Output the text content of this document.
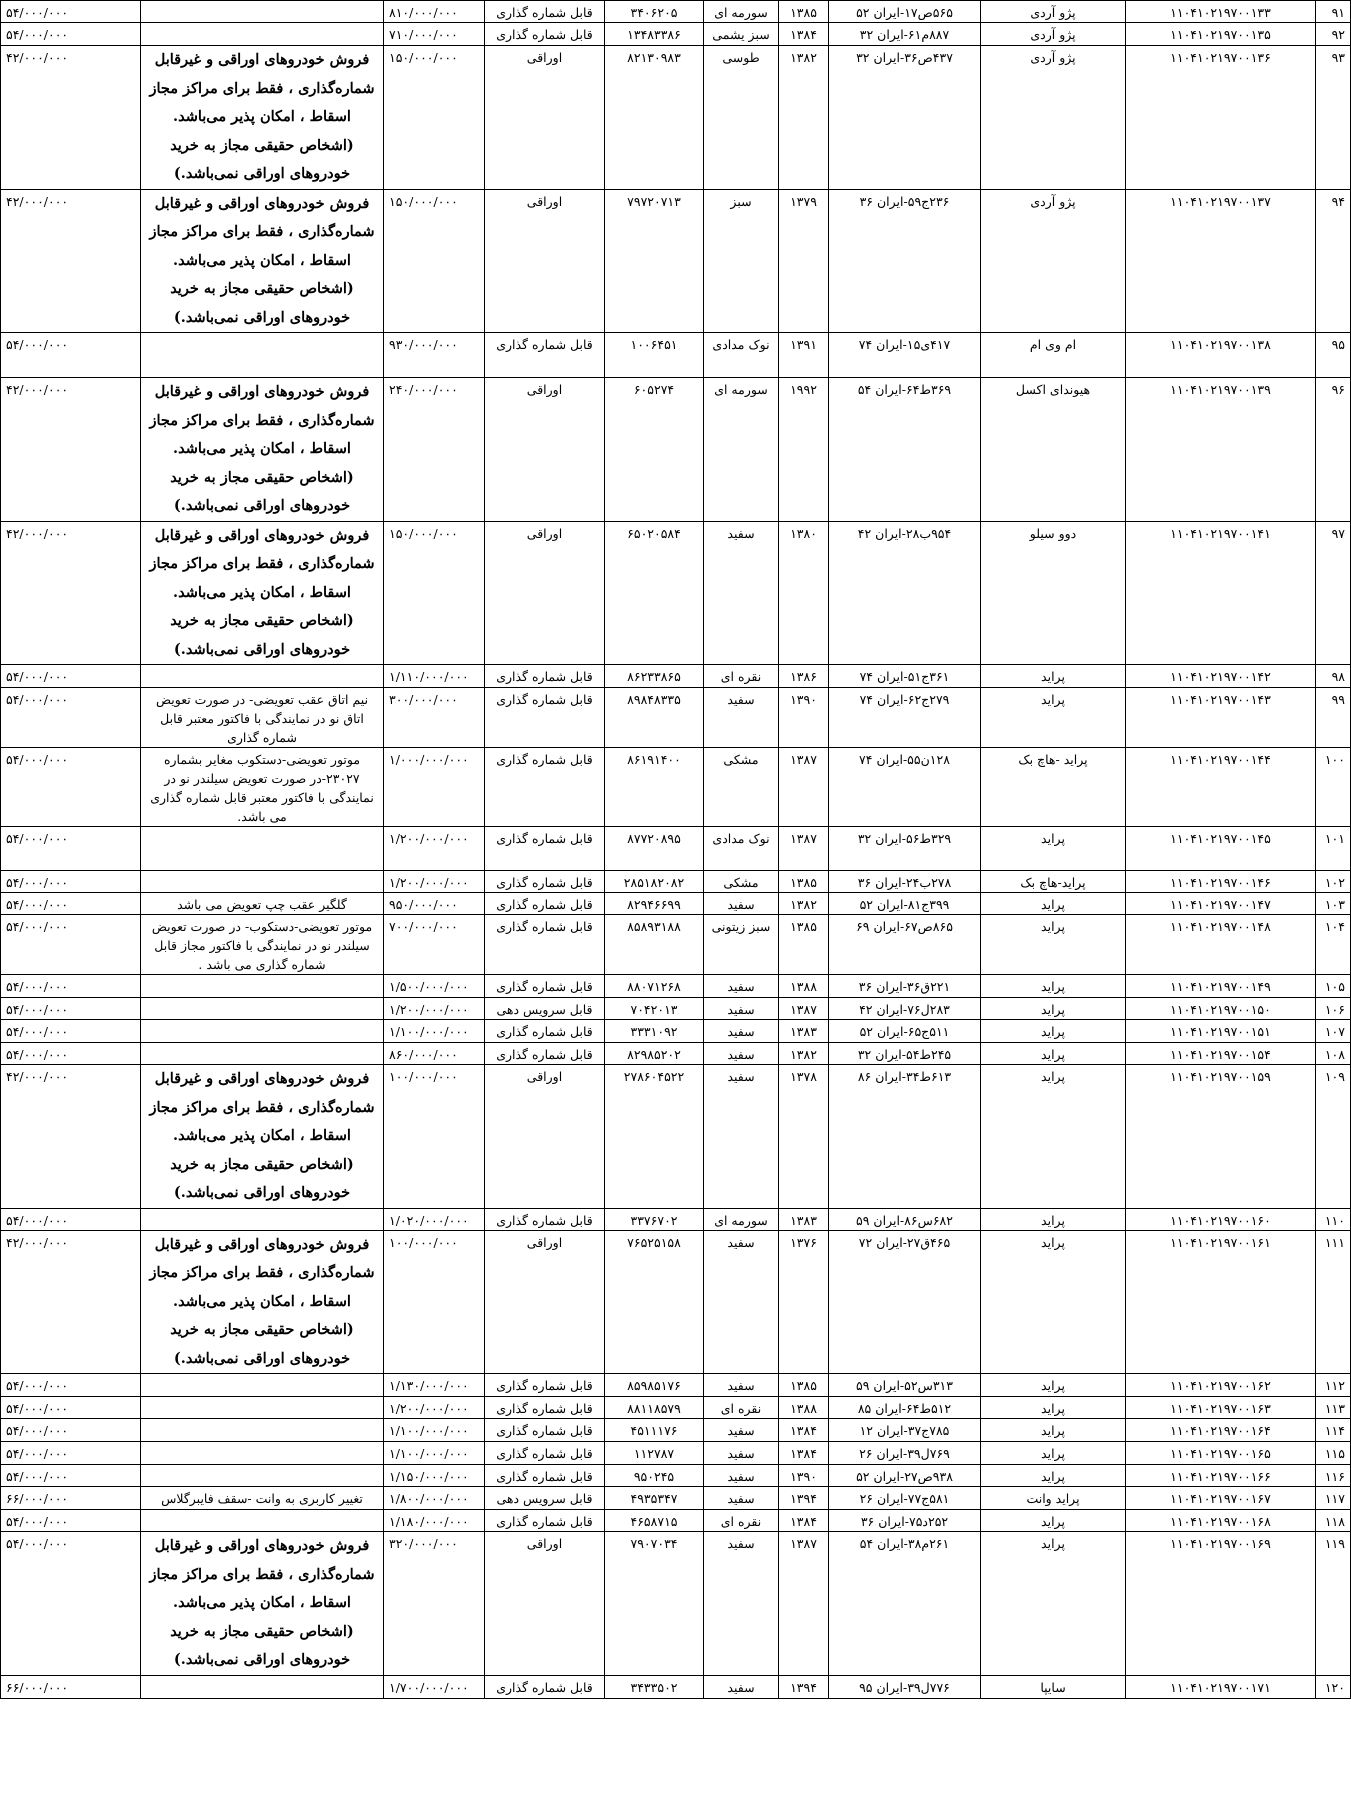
۹۱	۱۱۰۴۱۰۲۱۹۷۰۰۱۳۳	پژو آردی	۵۶۵ص۱۷-ایران ۵۲	۱۳۸۵	سورمه ای	۳۴۰۶۲۰۵	قابل شماره گذاری	۸۱۰/۰۰۰/۰۰۰		۵۴/۰۰۰/۰۰۰
۹۲	۱۱۰۴۱۰۲۱۹۷۰۰۱۳۵	پژو آردی	۸۸۷م۶۱-ایران ۳۲	۱۳۸۴	سبز یشمی	۱۳۴۸۳۳۸۶	قابل شماره گذاری	۷۱۰/۰۰۰/۰۰۰		۵۴/۰۰۰/۰۰۰
۹۳	۱۱۰۴۱۰۲۱۹۷۰۰۱۳۶	پژو آردی	۴۳۷ص۳۶-ایران ۳۲	۱۳۸۲	طوسی	۸۲۱۳۰۹۸۳	اوراقی	۱۵۰/۰۰۰/۰۰۰	فروش خودروهای اوراقی و غیرقابل شماره‌گذاری ، فقط برای مراکز مجاز اسقاط ، امکان پذیر می‌باشد. (اشخاص حقیقی مجاز به خرید خودروهای اوراقی نمی‌باشد.)	۴۲/۰۰۰/۰۰۰
۹۴	۱۱۰۴۱۰۲۱۹۷۰۰۱۳۷	پژو آردی	۲۳۶ج۵۹-ایران ۳۶	۱۳۷۹	سبز	۷۹۷۲۰۷۱۳	اوراقی	۱۵۰/۰۰۰/۰۰۰	فروش خودروهای اوراقی و غیرقابل شماره‌گذاری ، فقط برای مراکز مجاز اسقاط ، امکان پذیر می‌باشد. (اشخاص حقیقی مجاز به خرید خودروهای اوراقی نمی‌باشد.)	۴۲/۰۰۰/۰۰۰
۹۵	۱۱۰۴۱۰۲۱۹۷۰۰۱۳۸	ام وی ام	۴۱۷ی۱۵-ایران ۷۴	۱۳۹۱	نوک مدادی	۱۰۰۶۴۵۱	قابل شماره گذاری	۹۳۰/۰۰۰/۰۰۰		۵۴/۰۰۰/۰۰۰
۹۶	۱۱۰۴۱۰۲۱۹۷۰۰۱۳۹	هیوندای اکسل	۳۶۹ط۶۴-ایران ۵۴	۱۹۹۲	سورمه ای	۶۰۵۲۷۴	اوراقی	۲۴۰/۰۰۰/۰۰۰	فروش خودروهای اوراقی و غیرقابل شماره‌گذاری ، فقط برای مراکز مجاز اسقاط ، امکان پذیر می‌باشد. (اشخاص حقیقی مجاز به خرید خودروهای اوراقی نمی‌باشد.)	۴۲/۰۰۰/۰۰۰
۹۷	۱۱۰۴۱۰۲۱۹۷۰۰۱۴۱	دوو سیلو	۹۵۴ب۲۸-ایران ۴۲	۱۳۸۰	سفید	۶۵۰۲۰۵۸۴	اوراقی	۱۵۰/۰۰۰/۰۰۰	فروش خودروهای اوراقی و غیرقابل شماره‌گذاری ، فقط برای مراکز مجاز اسقاط ، امکان پذیر می‌باشد. (اشخاص حقیقی مجاز به خرید خودروهای اوراقی نمی‌باشد.)	۴۲/۰۰۰/۰۰۰
۹۸	۱۱۰۴۱۰۲۱۹۷۰۰۱۴۲	پراید	۳۶۱ج۵۱-ایران ۷۴	۱۳۸۶	نقره ای	۸۶۲۳۳۸۶۵	قابل شماره گذاری	۱/۱۱۰/۰۰۰/۰۰۰		۵۴/۰۰۰/۰۰۰
۹۹	۱۱۰۴۱۰۲۱۹۷۰۰۱۴۳	پراید	۲۷۹ج۶۲-ایران ۷۴	۱۳۹۰	سفید	۸۹۸۴۸۳۳۵	قابل شماره گذاری	۳۰۰/۰۰۰/۰۰۰	نیم اتاق عقب تعویضی- در صورت تعویض اتاق نو در نمایندگی با فاکتور معتبر قابل شماره گذاری	۵۴/۰۰۰/۰۰۰
۱۰۰	۱۱۰۴۱۰۲۱۹۷۰۰۱۴۴	پراید -هاچ بک	۱۲۸ن۵۵-ایران ۷۴	۱۳۸۷	مشکی	۸۶۱۹۱۴۰۰	قابل شماره گذاری	۱/۰۰۰/۰۰۰/۰۰۰	موتور تعویضی-دستکوب مغایر بشماره ۲۳۰۲۷-در صورت تعویض سیلندر نو در نمایندگی با فاکتور معتبر قابل شماره گذاری می باشد.	۵۴/۰۰۰/۰۰۰
۱۰۱	۱۱۰۴۱۰۲۱۹۷۰۰۱۴۵	پراید	۳۲۹ط۵۶-ایران ۳۲	۱۳۸۷	نوک مدادی	۸۷۷۲۰۸۹۵	قابل شماره گذاری	۱/۲۰۰/۰۰۰/۰۰۰		۵۴/۰۰۰/۰۰۰
۱۰۲	۱۱۰۴۱۰۲۱۹۷۰۰۱۴۶	پراید-هاچ بک	۲۷۸ب۲۴-ایران ۳۶	۱۳۸۵	مشکی	۲۸۵۱۸۲۰۸۲	قابل شماره گذاری	۱/۲۰۰/۰۰۰/۰۰۰		۵۴/۰۰۰/۰۰۰
۱۰۳	۱۱۰۴۱۰۲۱۹۷۰۰۱۴۷	پراید	۳۹۹ج۸۱-ایران ۵۲	۱۳۸۲	سفید	۸۲۹۴۶۶۹۹	قابل شماره گذاری	۹۵۰/۰۰۰/۰۰۰	گلگیر عقب چپ تعویض می باشد	۵۴/۰۰۰/۰۰۰
۱۰۴	۱۱۰۴۱۰۲۱۹۷۰۰۱۴۸	پراید	۸۶۵ص۶۷-ایران ۶۹	۱۳۸۵	سبز زیتونی	۸۵۸۹۳۱۸۸	قابل شماره گذاری	۷۰۰/۰۰۰/۰۰۰	موتور تعویضی-دستکوب- در صورت تعویض سیلندر نو در نمایندگی با فاکتور مجاز قابل شماره گذاری می باشد .	۵۴/۰۰۰/۰۰۰
۱۰۵	۱۱۰۴۱۰۲۱۹۷۰۰۱۴۹	پراید	۲۲۱ق۳۶-ایران ۳۶	۱۳۸۸	سفید	۸۸۰۷۱۲۶۸	قابل شماره گذاری	۱/۵۰۰/۰۰۰/۰۰۰		۵۴/۰۰۰/۰۰۰
۱۰۶	۱۱۰۴۱۰۲۱۹۷۰۰۱۵۰	پراید	۲۸۳ل۷۶-ایران ۴۲	۱۳۸۷	سفید	۷۰۴۲۰۱۳	قابل سرویس دهی	۱/۲۰۰/۰۰۰/۰۰۰		۵۴/۰۰۰/۰۰۰
۱۰۷	۱۱۰۴۱۰۲۱۹۷۰۰۱۵۱	پراید	۵۱۱ج۶۵-ایران ۵۲	۱۳۸۳	سفید	۳۳۳۱۰۹۲	قابل شماره گذاری	۱/۱۰۰/۰۰۰/۰۰۰		۵۴/۰۰۰/۰۰۰
۱۰۸	۱۱۰۴۱۰۲۱۹۷۰۰۱۵۴	پراید	۲۴۵ط۵۴-ایران ۳۲	۱۳۸۲	سفید	۸۲۹۸۵۲۰۲	قابل شماره گذاری	۸۶۰/۰۰۰/۰۰۰		۵۴/۰۰۰/۰۰۰
۱۰۹	۱۱۰۴۱۰۲۱۹۷۰۰۱۵۹	پراید	۶۱۳ط۳۴-ایران ۸۶	۱۳۷۸	سفید	۲۷۸۶۰۴۵۲۲	اوراقی	۱۰۰/۰۰۰/۰۰۰	فروش خودروهای اوراقی و غیرقابل شماره‌گذاری ، فقط برای مراکز مجاز اسقاط ، امکان پذیر می‌باشد. (اشخاص حقیقی مجاز به خرید خودروهای اوراقی نمی‌باشد.)	۴۲/۰۰۰/۰۰۰
۱۱۰	۱۱۰۴۱۰۲۱۹۷۰۰۱۶۰	پراید	۶۸۲س۸۶-ایران ۵۹	۱۳۸۳	سورمه ای	۳۳۷۶۷۰۲	قابل شماره گذاری	۱/۰۲۰/۰۰۰/۰۰۰		۵۴/۰۰۰/۰۰۰
۱۱۱	۱۱۰۴۱۰۲۱۹۷۰۰۱۶۱	پراید	۴۶۵ق۲۷-ایران ۷۲	۱۳۷۶	سفید	۷۶۵۲۵۱۵۸	اوراقی	۱۰۰/۰۰۰/۰۰۰	فروش خودروهای اوراقی و غیرقابل شماره‌گذاری ، فقط برای مراکز مجاز اسقاط ، امکان پذیر می‌باشد. (اشخاص حقیقی مجاز به خرید خودروهای اوراقی نمی‌باشد.)	۴۲/۰۰۰/۰۰۰
۱۱۲	۱۱۰۴۱۰۲۱۹۷۰۰۱۶۲	پراید	۳۱۳س۵۲-ایران ۵۹	۱۳۸۵	سفید	۸۵۹۸۵۱۷۶	قابل شماره گذاری	۱/۱۳۰/۰۰۰/۰۰۰		۵۴/۰۰۰/۰۰۰
۱۱۳	۱۱۰۴۱۰۲۱۹۷۰۰۱۶۳	پراید	۵۱۲ط۶۴-ایران ۸۵	۱۳۸۸	نقره ای	۸۸۱۱۸۵۷۹	قابل شماره گذاری	۱/۲۰۰/۰۰۰/۰۰۰		۵۴/۰۰۰/۰۰۰
۱۱۴	۱۱۰۴۱۰۲۱۹۷۰۰۱۶۴	پراید	۷۸۵ج۳۷-ایران ۱۲	۱۳۸۴	سفید	۴۵۱۱۱۷۶	قابل شماره گذاری	۱/۱۰۰/۰۰۰/۰۰۰		۵۴/۰۰۰/۰۰۰
۱۱۵	۱۱۰۴۱۰۲۱۹۷۰۰۱۶۵	پراید	۷۶۹ل۳۹-ایران ۲۶	۱۳۸۴	سفید	۱۱۲۷۸۷	قابل شماره گذاری	۱/۱۰۰/۰۰۰/۰۰۰		۵۴/۰۰۰/۰۰۰
۱۱۶	۱۱۰۴۱۰۲۱۹۷۰۰۱۶۶	پراید	۹۳۸ص۲۷-ایران ۵۲	۱۳۹۰	سفید	۹۵۰۲۴۵	قابل شماره گذاری	۱/۱۵۰/۰۰۰/۰۰۰		۵۴/۰۰۰/۰۰۰
۱۱۷	۱۱۰۴۱۰۲۱۹۷۰۰۱۶۷	پراید وانت	۵۸۱ج۷۷-ایران ۲۶	۱۳۹۴	سفید	۴۹۳۵۳۴۷	قابل سرویس دهی	۱/۸۰۰/۰۰۰/۰۰۰	تغییر کاربری به وانت -سقف فایبرگلاس	۶۶/۰۰۰/۰۰۰
۱۱۸	۱۱۰۴۱۰۲۱۹۷۰۰۱۶۸	پراید	۲۵۲د۷۵-ایران ۳۶	۱۳۸۴	نقره ای	۴۶۵۸۷۱۵	قابل شماره گذاری	۱/۱۸۰/۰۰۰/۰۰۰		۵۴/۰۰۰/۰۰۰
۱۱۹	۱۱۰۴۱۰۲۱۹۷۰۰۱۶۹	پراید	۲۶۱م۳۸-ایران ۵۴	۱۳۸۷	سفید	۷۹۰۷۰۳۴	اوراقی	۳۲۰/۰۰۰/۰۰۰	فروش خودروهای اوراقی و غیرقابل شماره‌گذاری ، فقط برای مراکز مجاز اسقاط ، امکان پذیر می‌باشد. (اشخاص حقیقی مجاز به خرید خودروهای اوراقی نمی‌باشد.)	۵۴/۰۰۰/۰۰۰
۱۲۰	۱۱۰۴۱۰۲۱۹۷۰۰۱۷۱	سایپا	۷۷۶ل۳۹-ایران ۹۵	۱۳۹۴	سفید	۳۴۳۳۵۰۲	قابل شماره گذاری	۱/۷۰۰/۰۰۰/۰۰۰		۶۶/۰۰۰/۰۰۰
